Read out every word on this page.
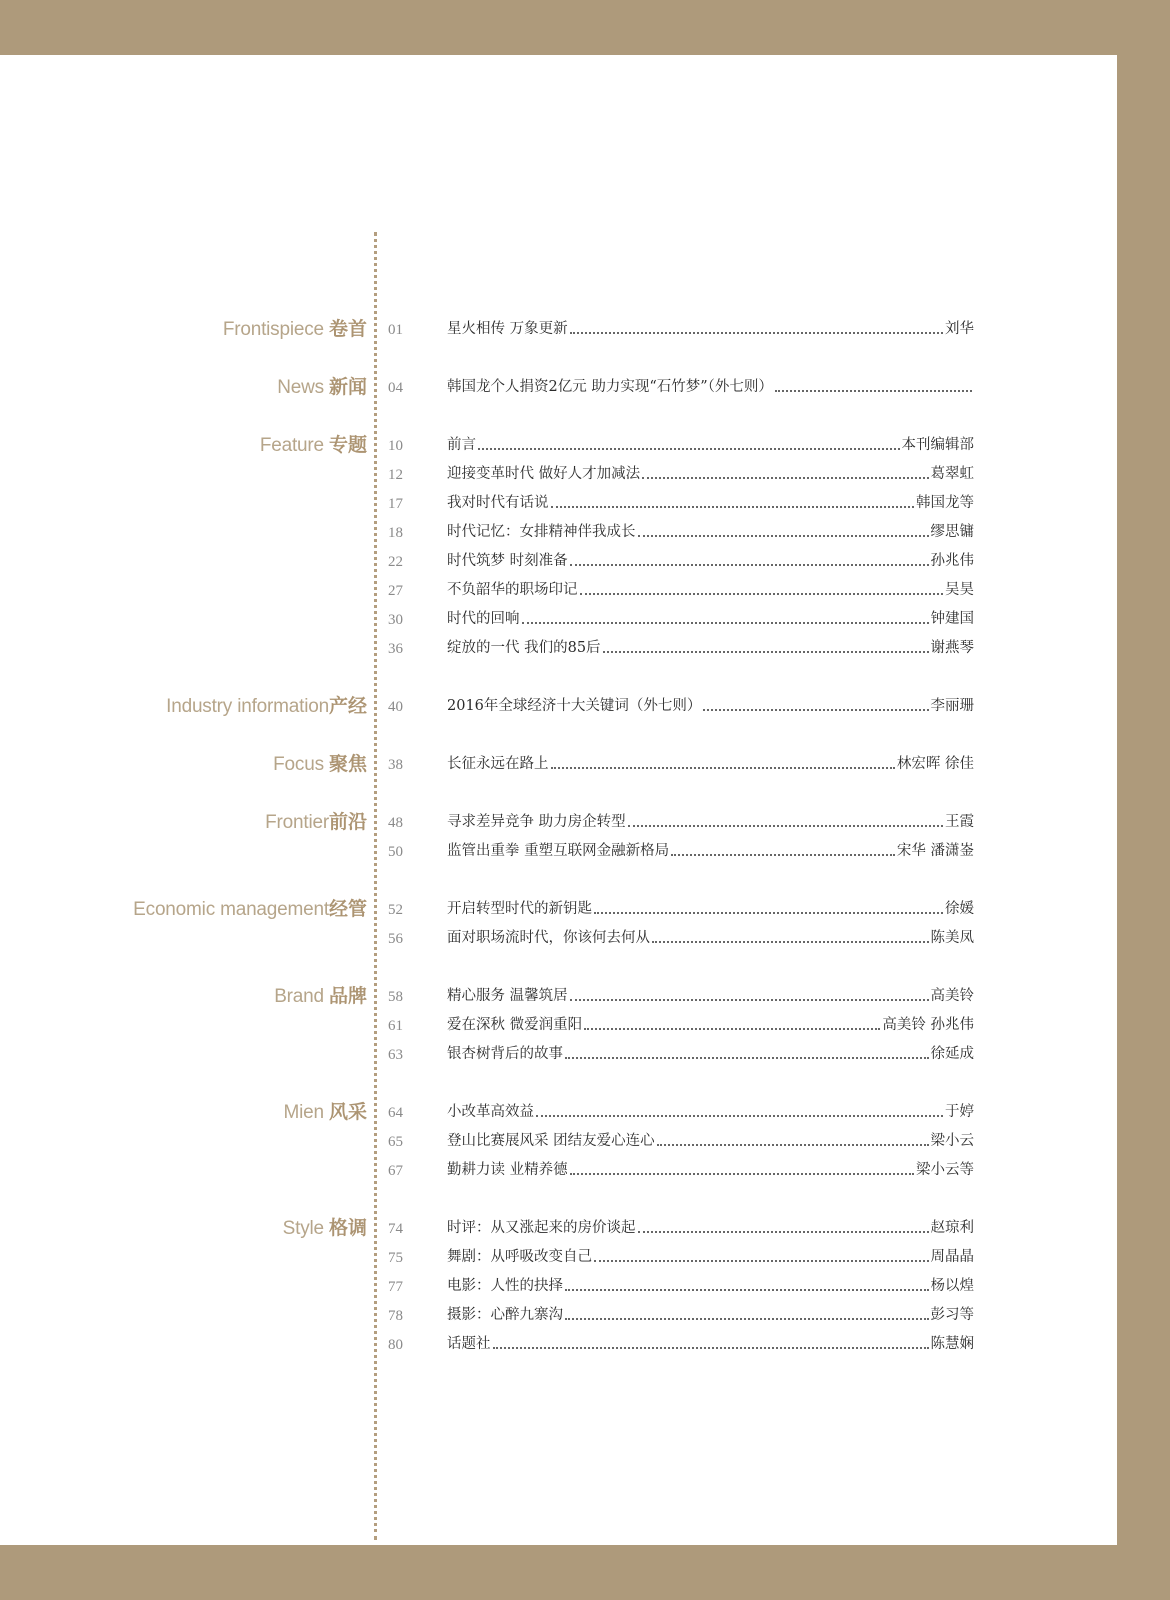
Frontispiece 卷首 01	星火相传 万象更新	刘华
News 新闻 04	韩国龙个人捐资2亿元 助力实现“石竹梦”（外七则）
Feature 专题 10	前言	本刊编辑部
12	迎接变革时代 做好人才加减法	葛翠虹
17	我对时代有话说	韩国龙等
18	时代记忆：女排精神伴我成长	缪思镛
22	时代筑梦 时刻准备	孙兆伟
27	不负韶华的职场印记	吴昊
30	时代的回响	钟建国
36	绽放的一代 我们的85后	谢燕琴
Industry information产经 40	2016年全球经济十大关键词（外七则）	李丽珊
Focus 聚焦 38	长征永远在路上	林宏晖 徐佳
Frontier前沿 48	寻求差异竞争 助力房企转型	王霞
50	监管出重拳 重塑互联网金融新格局	宋华 潘潇崟
Economic management经管 52	开启转型时代的新钥匙	徐媛
56	面对职场流时代，你该何去何从	陈美凤
Brand 品牌 58	精心服务 温馨筑居	高美铃
61	爱在深秋 微爱润重阳	高美铃 孙兆伟
63	银杏树背后的故事	徐延成
Mien 风采 64	小改革高效益	于婷
65	登山比赛展风采 团结友爱心连心	梁小云
67	勤耕力读 业精养德	梁小云等
Style 格调 74	时评：从又涨起来的房价谈起	赵琼利
75	舞剧：从呼吸改变自己	周晶晶
77	电影：人性的抉择	杨以煌
78	摄影：心醉九寨沟	彭习等
80	话题社	陈慧娴
